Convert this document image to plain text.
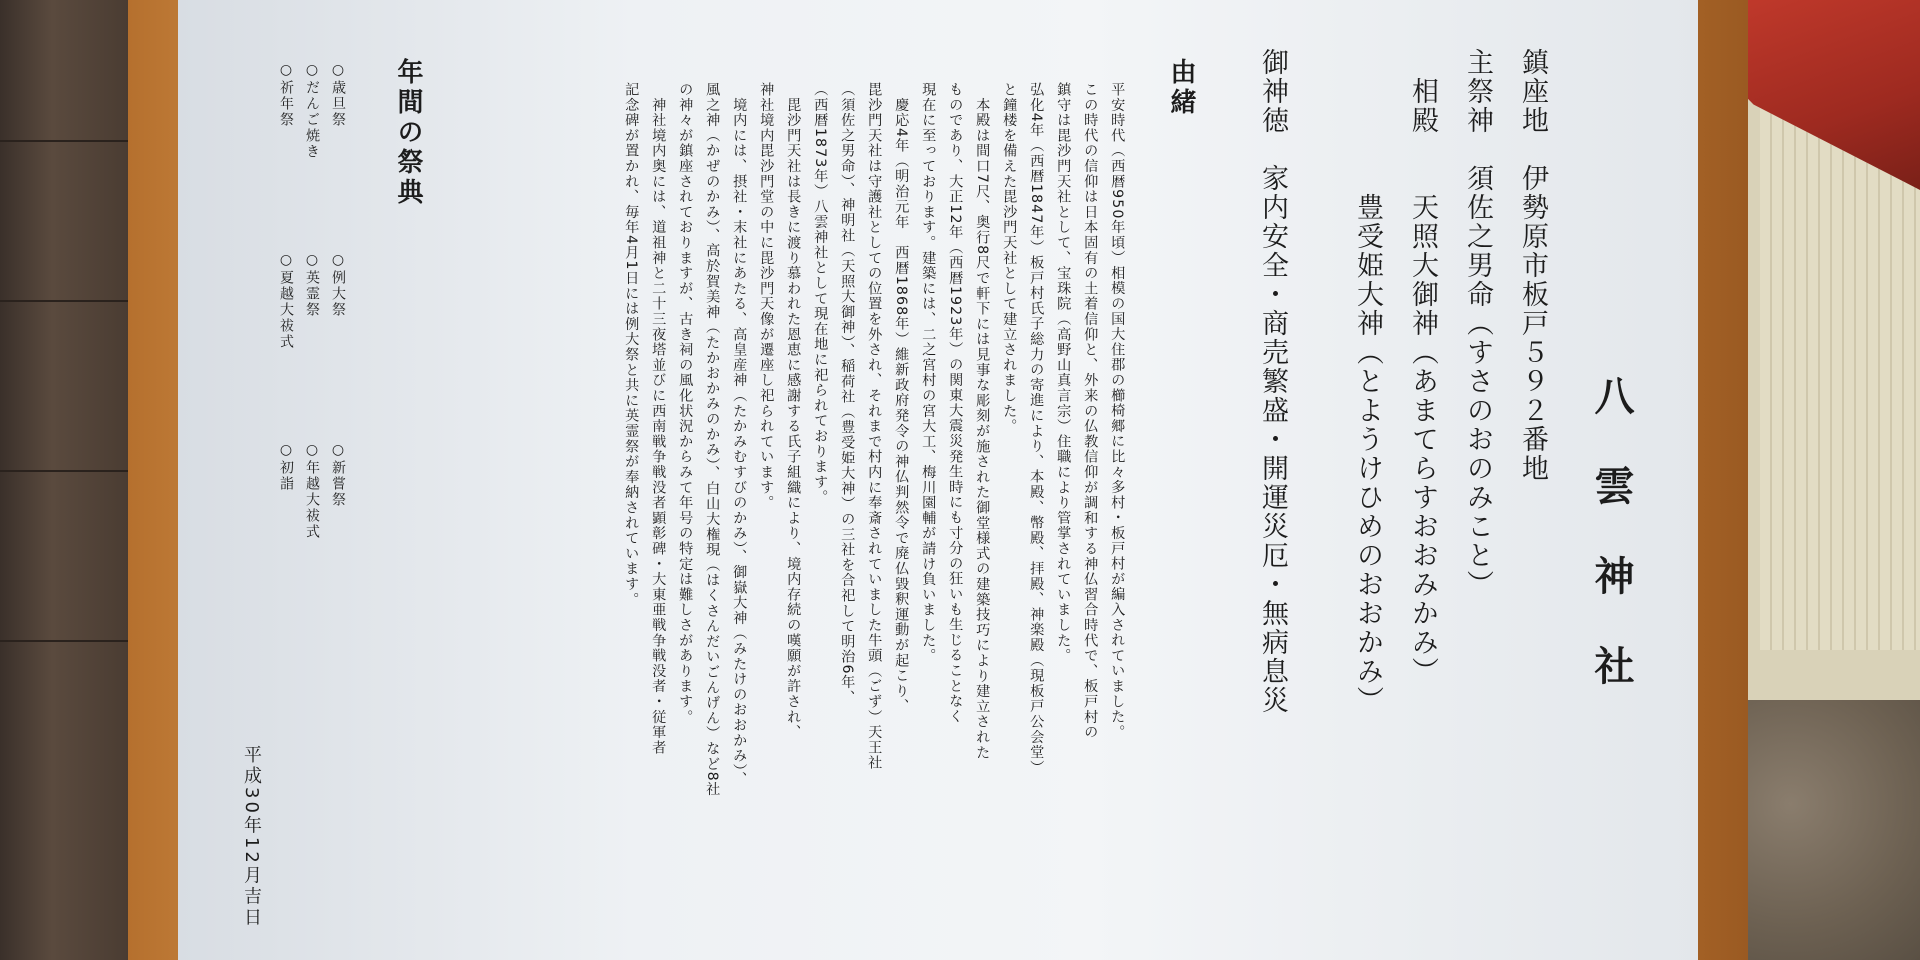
八 雲 神 社
鎮座地　伊勢原市板戸５９２番地
主祭神　須佐之男命（すさのおのみこと）
　相殿　　天照大御神（あまてらすおおみかみ）
　　　　　豊受姫大神（とようけひめのおおかみ）
御神徳　家内安全・商売繁盛・開運災厄・無病息災
由緒
平安時代（西暦950年頃）相模の国大住郡の櫛椅郷に比々多村・板戸村が編入されていました。
この時代の信仰は日本固有の土着信仰と、外来の仏教信仰が調和する神仏習合時代で、板戸村の
鎮守は毘沙門天社として、宝珠院（高野山真言宗）住職により管掌されていました。
弘化4年（西暦1847年）板戸村氏子総力の寄進により、本殿、幣殿、拝殿、神楽殿（現板戸公会堂）
と鐘楼を備えた毘沙門天社として建立されました。
　本殿は間口7尺、奥行8尺で軒下には見事な彫刻が施された御堂様式の建築技巧により建立された
ものであり、大正12年（西暦1923年）の関東大震災発生時にも寸分の狂いも生じることなく
現在に至っております。建築には、二之宮村の宮大工、梅川園輔が請け負いました。
　慶応4年（明治元年　西暦1868年）維新政府発令の神仏判然令で廃仏毀釈運動が起こり、
毘沙門天社は守護社としての位置を外され、それまで村内に奉斎されていました牛頭（ごず）天王社
（須佐之男命）、神明社（天照大御神）、稲荷社（豊受姫大神）の三社を合祀して明治6年、
（西暦1873年）八雲神社として現在地に祀られております。
　毘沙門天社は長きに渡り慕われた恩恵に感謝する氏子組織により、境内存続の嘆願が許され、
神社境内毘沙門堂の中に毘沙門天像が遷座し祀られています。
　境内には、摂社・末社にあたる、高皇産神（たかみむすびのかみ）、御嶽大神（みたけのおおかみ）、
風之神（かぜのかみ）、高於賀美神（たかおかみのかみ）、白山大権現（はくさんだいごんげん）など8社
の神々が鎮座されておりますが、古き祠の風化状況からみて年号の特定は難しさがあります。
　神社境内奥には、道祖神と二十三夜塔並びに西南戦争戦没者顕彰碑・大東亜戦争戦没者・従軍者
記念碑が置かれ、毎年4月1日には例大祭と共に英霊祭が奉納されています。
年間の祭典
○歳旦祭
○だんご焼き
○祈年祭
○例大祭
○英霊祭
○夏越大祓式
○新嘗祭
○年越大祓式
○初詣
平成30年12月吉日
